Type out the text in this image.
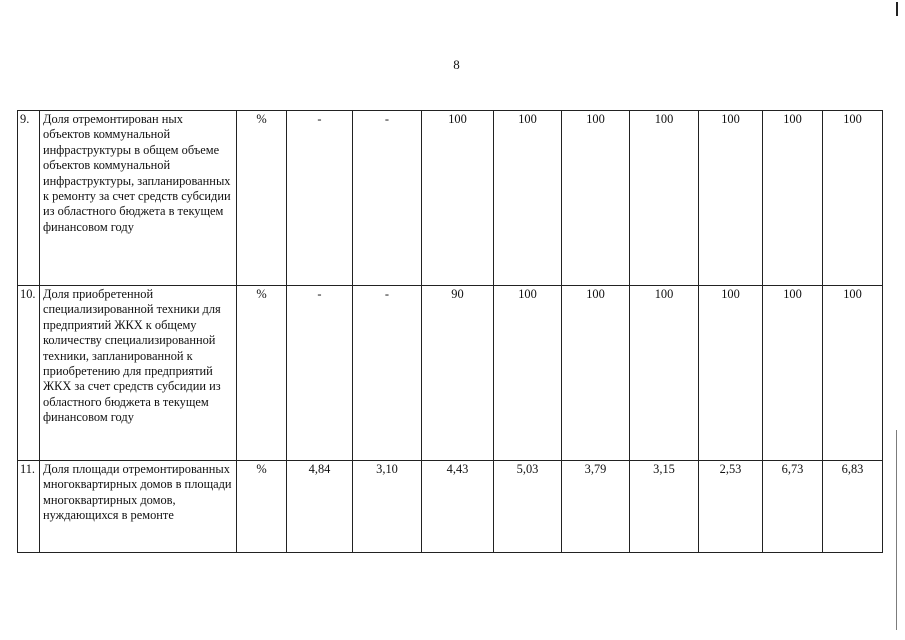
8
9.	Доля отремонтирован ных объектов коммунальной инфраструктуры в общем объеме объектов коммунальной инфраструктуры, запланированных к ремонту за счет средств субсидии из областного бюджета в текущем финансовом году	%	-	-	100	100	100	100	100	100	100
10.	Доля приобретенной специализированной техники для предприятий ЖКХ к общему количеству специализированной техники, запланированной к приобретению для предприятий ЖКХ за счет средств субсидии из областного бюджета в текущем финансовом году	%	-	-	90	100	100	100	100	100	100
11.	Доля площади отремонтированных многоквартирных домов в площади многоквартирных домов, нуждающихся в ремонте	%	4,84	3,10	4,43	5,03	3,79	3,15	2,53	6,73	6,83
